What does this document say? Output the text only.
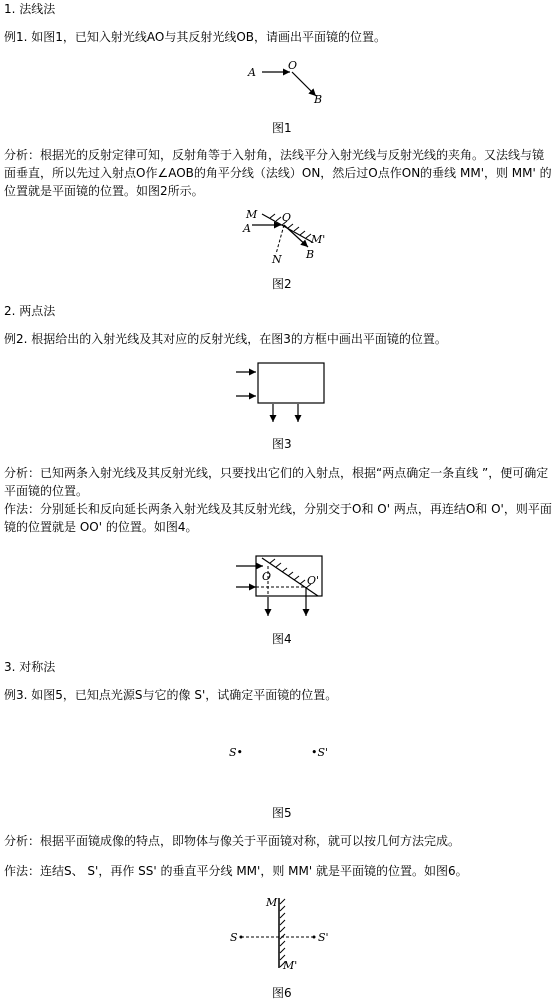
1. 法线法

例1. 如图1，已知入射光线AO与其反射光线OB，请画出平面镜的位置。

A
O
B
图1

分析：根据光的反射定律可知，反射角等于入射角，法线平分入射光线与反射光线的夹角。又法线与镜面垂直，所以先过入射点O作∠AOB的角平分线（法线）ON，然后过O点作ON的垂线 MM'，则 MM' 的位置就是平面镜的位置。如图2所示。

M O
A
M'
N B
图2

2. 两点法

例2. 根据给出的入射光线及其对应的反射光线，在图3的方框中画出平面镜的位置。

图3

分析：已知两条入射光线及其反射光线，只要找出它们的入射点，根据“两点确定一条直线 ”，便可确定平面镜的位置。

作法：分别延长和反向延长两条入射光线及其反射光线，分别交于O和 O' 两点，再连结O和 O'，则平面镜的位置就是 OO' 的位置。如图4。

O	O'
图4

3. 对称法

例3. 如图5，已知点光源S与它的像 S'，试确定平面镜的位置。

S•	•S'
图5

分析：根据平面镜成像的特点，即物体与像关于平面镜对称，就可以按几何方法完成。

作法：连结S、 S'，再作 SS' 的垂直平分线 MM'，则 MM' 就是平面镜的位置。如图6。

M
S	S'
M'
图6
